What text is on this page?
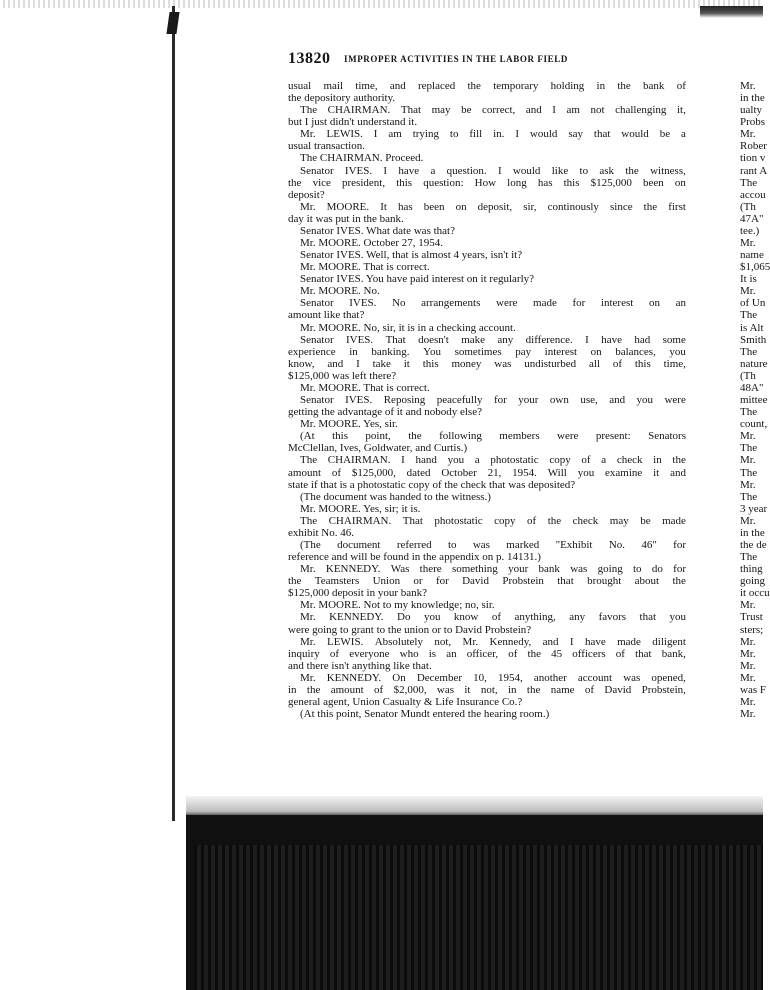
13820 IMPROPER ACTIVITIES IN THE LABOR FIELD
usual mail time, and replaced the temporary holding in the bank of
the depository authority.
The CHAIRMAN. That may be correct, and I am not challenging it,
but I just didn't understand it.
Mr. LEWIS. I am trying to fill in. I would say that would be a
usual transaction.
The CHAIRMAN. Proceed.
Senator IVES. I have a question. I would like to ask the witness,
the vice president, this question: How long has this $125,000 been on
deposit?
Mr. MOORE. It has been on deposit, sir, continously since the first
day it was put in the bank.
Senator IVES. What date was that?
Mr. MOORE. October 27, 1954.
Senator IVES. Well, that is almost 4 years, isn't it?
Mr. MOORE. That is correct.
Senator IVES. You have paid interest on it regularly?
Mr. MOORE. No.
Senator IVES. No arrangements were made for interest on an
amount like that?
Mr. MOORE. No, sir, it is in a checking account.
Senator IVES. That doesn't make any difference. I have had some
experience in banking. You sometimes pay interest on balances, you
know, and I take it this money was undisturbed all of this time,
$125,000 was left there?
Mr. MOORE. That is correct.
Senator IVES. Reposing peacefully for your own use, and you were
getting the advantage of it and nobody else?
Mr. MOORE. Yes, sir.
(At this point, the following members were present: Senators
McClellan, Ives, Goldwater, and Curtis.)
The CHAIRMAN. I hand you a photostatic copy of a check in the
amount of $125,000, dated October 21, 1954. Will you examine it and
state if that is a photostatic copy of the check that was deposited?
(The document was handed to the witness.)
Mr. MOORE. Yes, sir; it is.
The CHAIRMAN. That photostatic copy of the check may be made
exhibit No. 46.
(The document referred to was marked "Exhibit No. 46" for
reference and will be found in the appendix on p. 14131.)
Mr. KENNEDY. Was there something your bank was going to do for
the Teamsters Union or for David Probstein that brought about the
$125,000 deposit in your bank?
Mr. MOORE. Not to my knowledge; no, sir.
Mr. KENNEDY. Do you know of anything, any favors that you
were going to grant to the union or to David Probstein?
Mr. LEWIS. Absolutely not, Mr. Kennedy, and I have made diligent
inquiry of everyone who is an officer, of the 45 officers of that bank,
and there isn't anything like that.
Mr. KENNEDY. On December 10, 1954, another account was opened,
in the amount of $2,000, was it not, in the name of David Probstein,
general agent, Union Casualty & Life Insurance Co.?
(At this point, Senator Mundt entered the hearing room.)
Mr.
in the
ualty
Probs
Mr.
Rober
tion v
rant A
The
accou
(Th
47A"
tee.)
Mr.
name
$1,065
It is
Mr.
of Un
The
is Alt
Smith
The
nature
(Th
48A"
mittee
The
count,
Mr.
The
Mr.
The
Mr.
The
3 year
Mr.
in the
the de
The
thing
going
it occu
Mr.
Trust
sters;
Mr.
Mr.
Mr.
Mr.
was F
Mr.
Mr.
